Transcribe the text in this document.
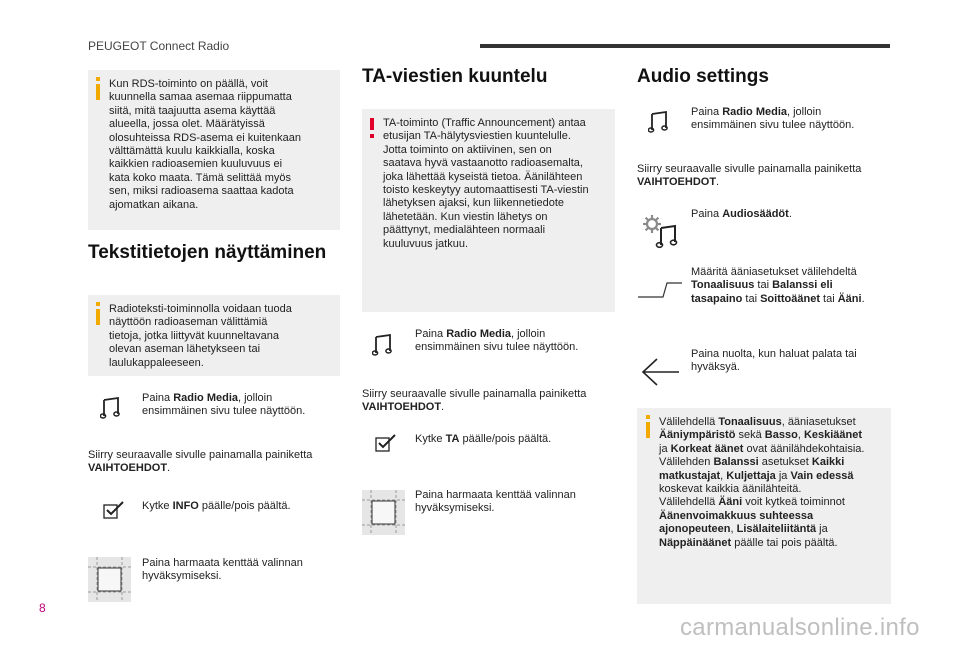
PEUGEOT Connect Radio
Kun RDS-toiminto on päällä, voit
kuunnella samaa asemaa riippumatta
siitä, mitä taajuutta asema käyttää
alueella, jossa olet. Määrätyissä
olosuhteissa RDS-asema ei kuitenkaan
välttämättä kuulu kaikkialla, koska
kaikkien radioasemien kuuluvuus ei
kata koko maata. Tämä selittää myös
sen, miksi radioasema saattaa kadota
ajomatkan aikana.
Tekstitietojen näyttäminen
Radioteksti-toiminnolla voidaan tuoda
näyttöön radioaseman välittämiä
tietoja, jotka liittyvät kuunneltavana
olevan aseman lähetykseen tai
laulukappaleeseen.
Paina Radio Media, jolloin
ensimmäinen sivu tulee näyttöön.
Siirry seuraavalle sivulle painamalla painiketta
VAIHTOEHDOT.
Kytke INFO päälle/pois päältä.
Paina harmaata kenttää valinnan
hyväksymiseksi.
TA-viestien kuuntelu
TA-toiminto (Traffic Announcement) antaa
etusijan TA-hälytysviestien kuuntelulle.
Jotta toiminto on aktiivinen, sen on
saatava hyvä vastaanotto radioasemalta,
joka lähettää kyseistä tietoa. Äänilähteen
toisto keskeytyy automaattisesti TA-viestin
lähetyksen ajaksi, kun liikennetiedote
lähetetään. Kun viestin lähetys on
päättynyt, medialähteen normaali
kuuluvuus jatkuu.
Paina Radio Media, jolloin
ensimmäinen sivu tulee näyttöön.
Siirry seuraavalle sivulle painamalla painiketta
VAIHTOEHDOT.
Kytke TA päälle/pois päältä.
Paina harmaata kenttää valinnan
hyväksymiseksi.
Audio settings
Paina Radio Media, jolloin
ensimmäinen sivu tulee näyttöön.
Siirry seuraavalle sivulle painamalla painiketta
VAIHTOEHDOT.
Paina Audiosäädöt.
Määritä ääniasetukset välilehdeltä
Tonaalisuus tai Balanssi eli
tasapaino tai Soittoäänet tai Ääni.
Paina nuolta, kun haluat palata tai
hyväksyä.
Välilehdellä Tonaalisuus, ääniasetukset
Ääniympäristö sekä Basso, Keskiäänet
ja Korkeat äänet ovat äänilähdekohtaisia.
Välilehden Balanssi asetukset Kaikki
matkustajat, Kuljettaja ja Vain edessä
koskevat kaikkia äänilähteitä.
Välilehdellä Ääni voit kytkeä toiminnot
Äänenvoimakkuus suhteessa
ajonopeuteen, Lisälaiteliitäntä ja
Näppäinäänet päälle tai pois päältä.
8
carmanualsonline.info
